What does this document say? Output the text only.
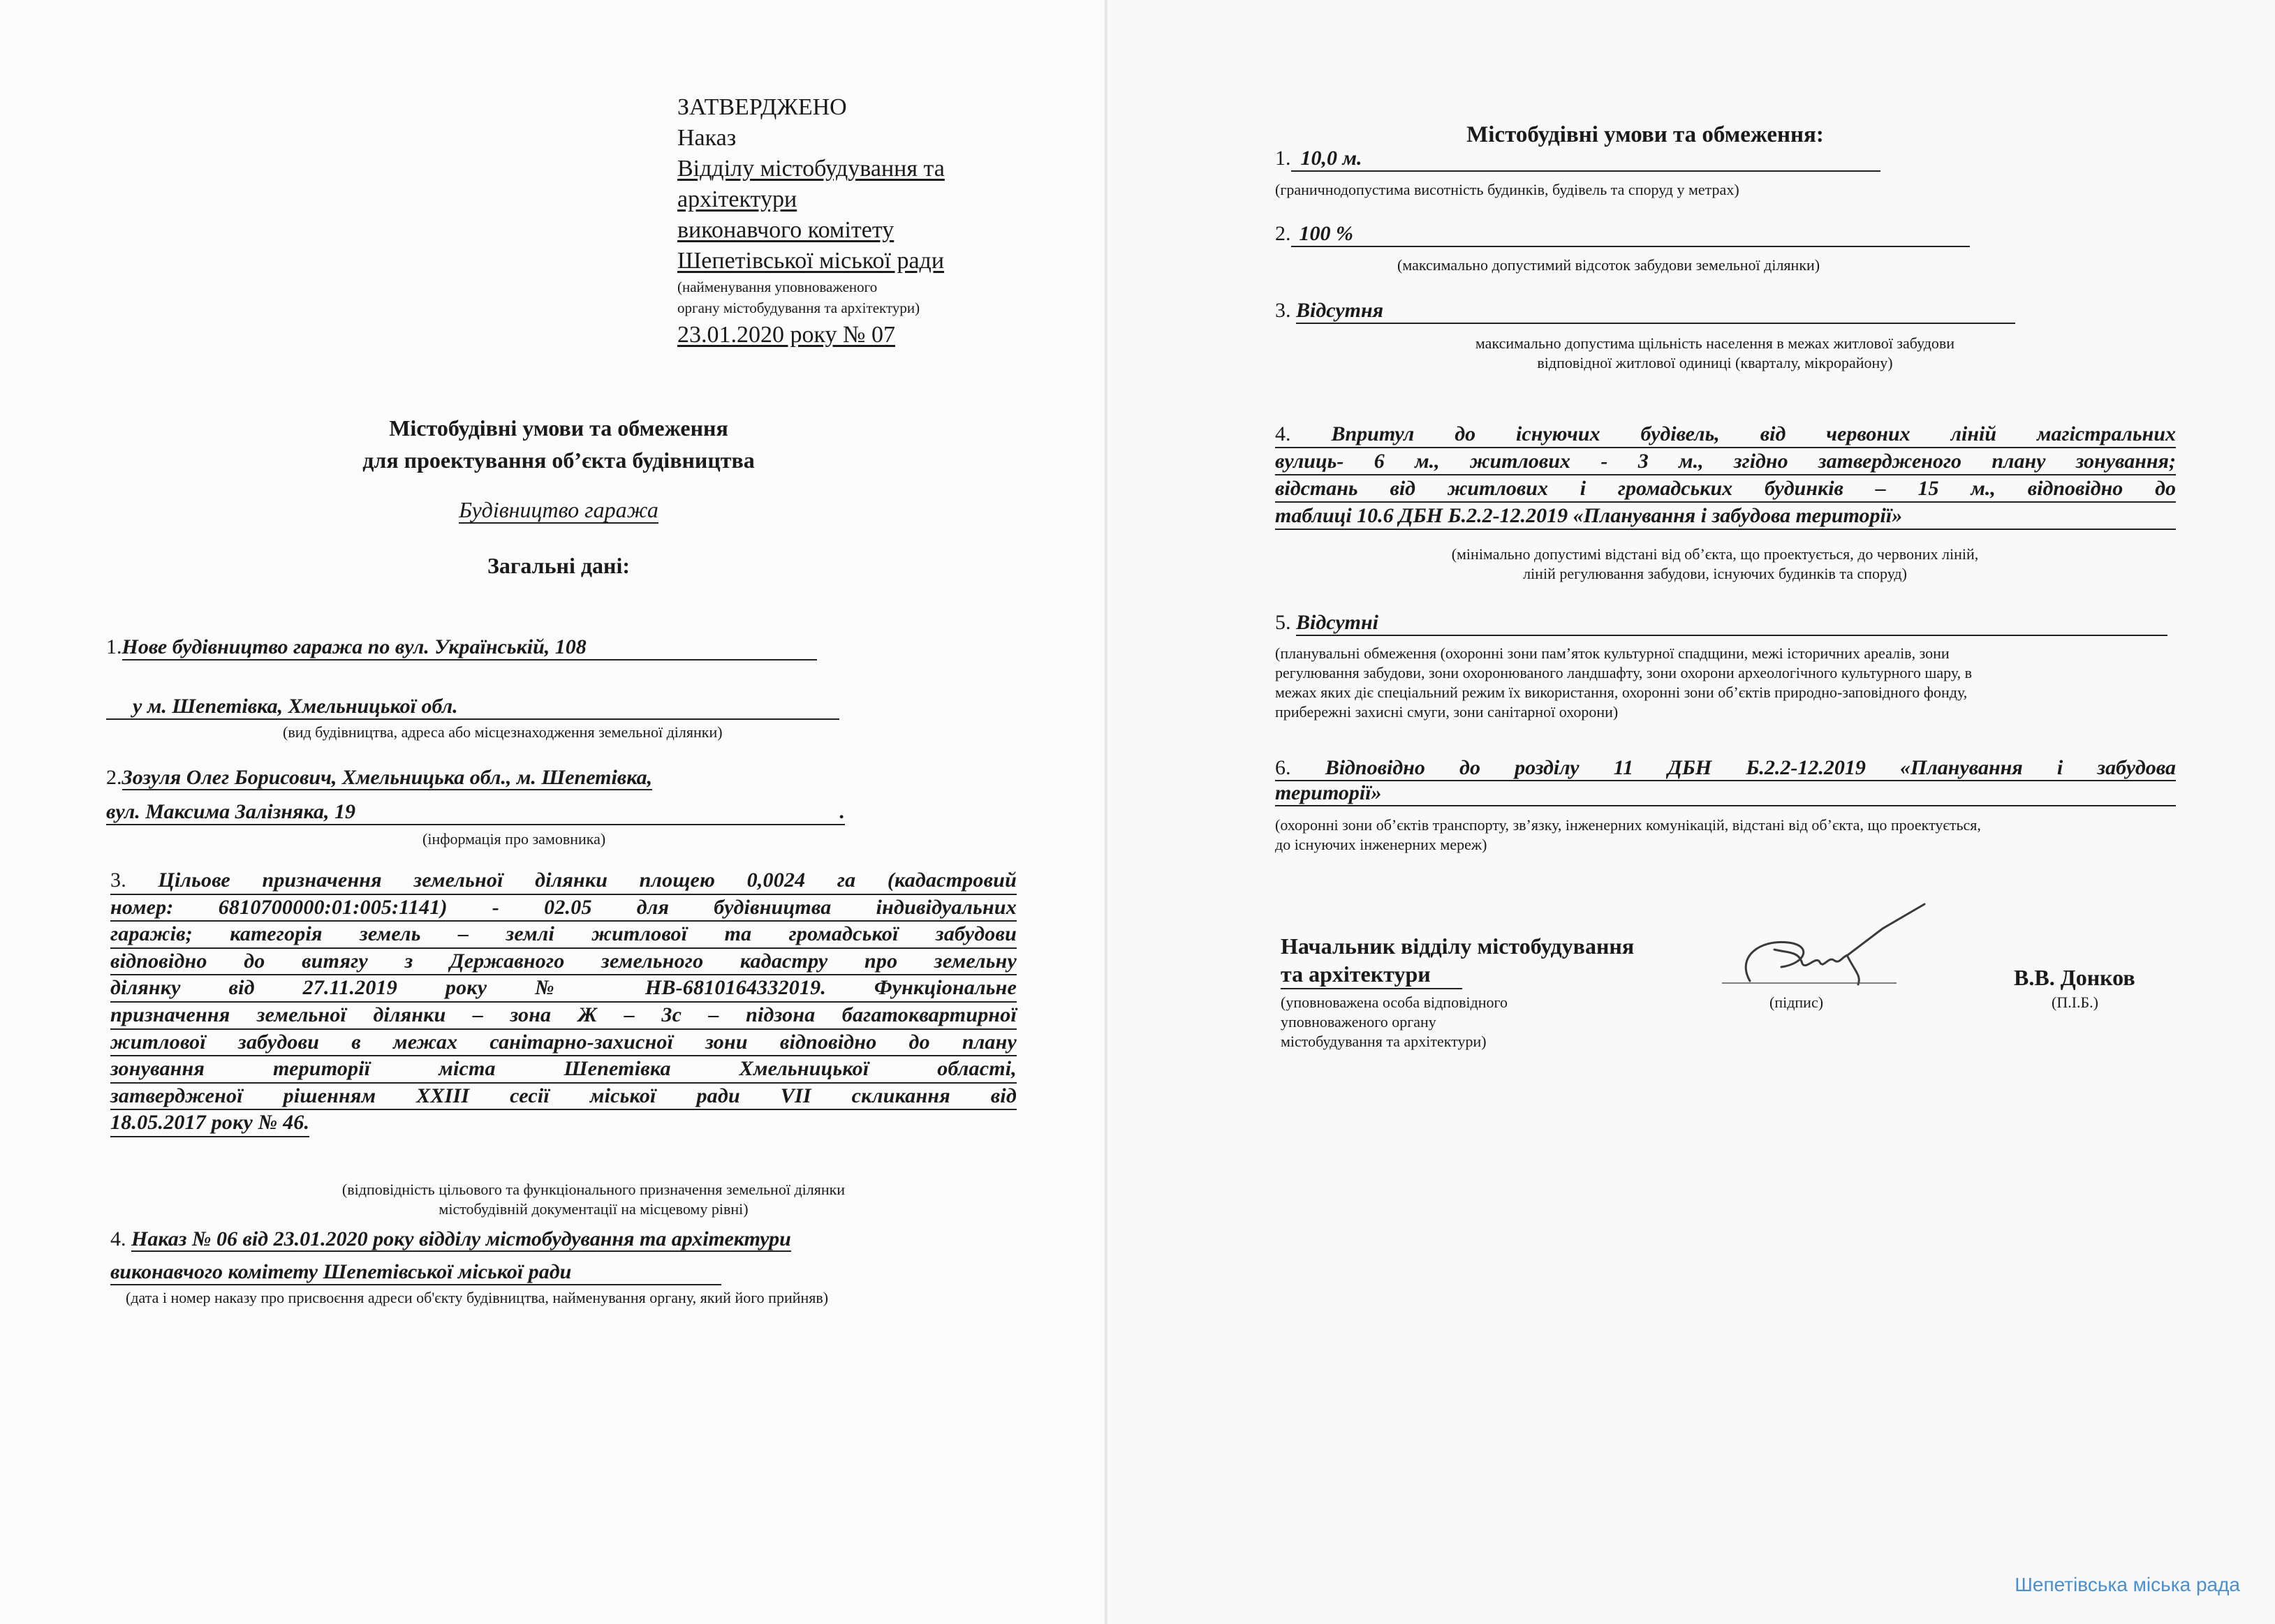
ЗАТВЕРДЖЕНО
Наказ
Відділу містобудування та
архітектури
виконавчого комітету
Шепетівської міської ради
(найменування уповноваженого
органу містобудування та архітектури)
23.01.2020 року № 07
Містобудівні умови та обмеження
для проектування об’єкта будівництва
Будівництво гаража
Загальні дані:
1.Нове будівництво гаража по вул. Українській, 108
у м. Шепетівка, Хмельницької обл.
(вид будівництва, адреса або місцезнаходження земельної ділянки)
2.Зозуля Олег Борисович, Хмельницька обл., м. Шепетівка,
вул. Максима Залізняка, 19	.
(інформація про замовника)
3. Цільове призначення земельної ділянки площею 0,0024 га (кадастровий
номер: 6810700000:01:005:1141) - 02.05 для будівництва індивідуальних
гаражів; категорія земель – землі житлової та громадської забудови
відповідно до витягу з Державного земельного кадастру про земельну
ділянку від 27.11.2019 року № НВ-6810164332019. Функціональне
призначення земельної ділянки – зона Ж – 3с – підзона багатоквартирної
житлової забудови в межах санітарно-захисної зони відповідно до плану
зонування території міста Шепетівка Хмельницької області,
затвердженої рішенням XXIII сесії міської ради VII скликання від
18.05.2017 року № 46.
(відповідність цільового та функціонального призначення земельної ділянки
містобудівній документації на місцевому рівні)
4. Наказ № 06 від 23.01.2020 року відділу містобудування та архітектури
виконавчого комітету Шепетівської міської ради
(дата і номер наказу про присвоєння адреси об'єкту будівництва, найменування органу, який його прийняв)
Містобудівні умови та обмеження:
1. 10,0 м.
(граничнодопустима висотність будинків, будівель та споруд у метрах)
2. 100 %
(максимально допустимий відсоток забудови земельної ділянки)
3. Відсутня
максимально допустима щільність населення в межах житлової забудови
відповідної житлової одиниці (кварталу, мікрорайону)
4. Впритул до існуючих будівель, від червоних ліній магістральних
вулиць- 6 м., житлових - 3 м., згідно затвердженого плану зонування;
відстань від житлових і громадських будинків – 15 м., відповідно до
таблиці 10.6 ДБН Б.2.2-12.2019 «Планування і забудова території»
(мінімально допустимі відстані від об’єкта, що проектується, до червоних ліній,
ліній регулювання забудови, існуючих будинків та споруд)
5. Відсутні
(планувальні обмеження (охоронні зони пам’яток культурної спадщини, межі історичних ареалів, зони
регулювання забудови, зони охоронюваного ландшафту, зони охорони археологічного культурного шару, в
межах яких діє спеціальний режим їх використання, охоронні зони об’єктів природно-заповідного фонду,
прибережні захисні смуги, зони санітарної охорони)
6. Відповідно до розділу 11 ДБН Б.2.2-12.2019 «Планування і забудова
території»
(охоронні зони об’єктів транспорту, зв’язку, інженерних комунікацій, відстані від об’єкта, що проектується,
до існуючих інженерних мереж)
Начальник відділу містобудування
та архітектури
(уповноважена особа відповідного
уповноваженого органу
містобудування та архітектури)
(підпис)
В.В. Донков
(П.І.Б.)
Шепетівська міська рада
